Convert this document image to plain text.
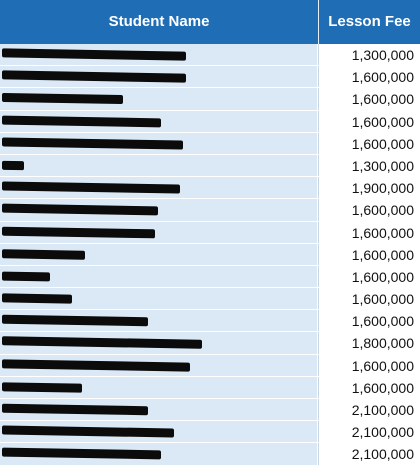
Student Name	Lesson Fee
1,300,000
1,600,000
1,600,000
1,600,000
1,600,000
1,300,000
1,900,000
1,600,000
1,600,000
1,600,000
1,600,000
1,600,000
1,600,000
1,800,000
1,600,000
1,600,000
2,100,000
2,100,000
2,100,000
